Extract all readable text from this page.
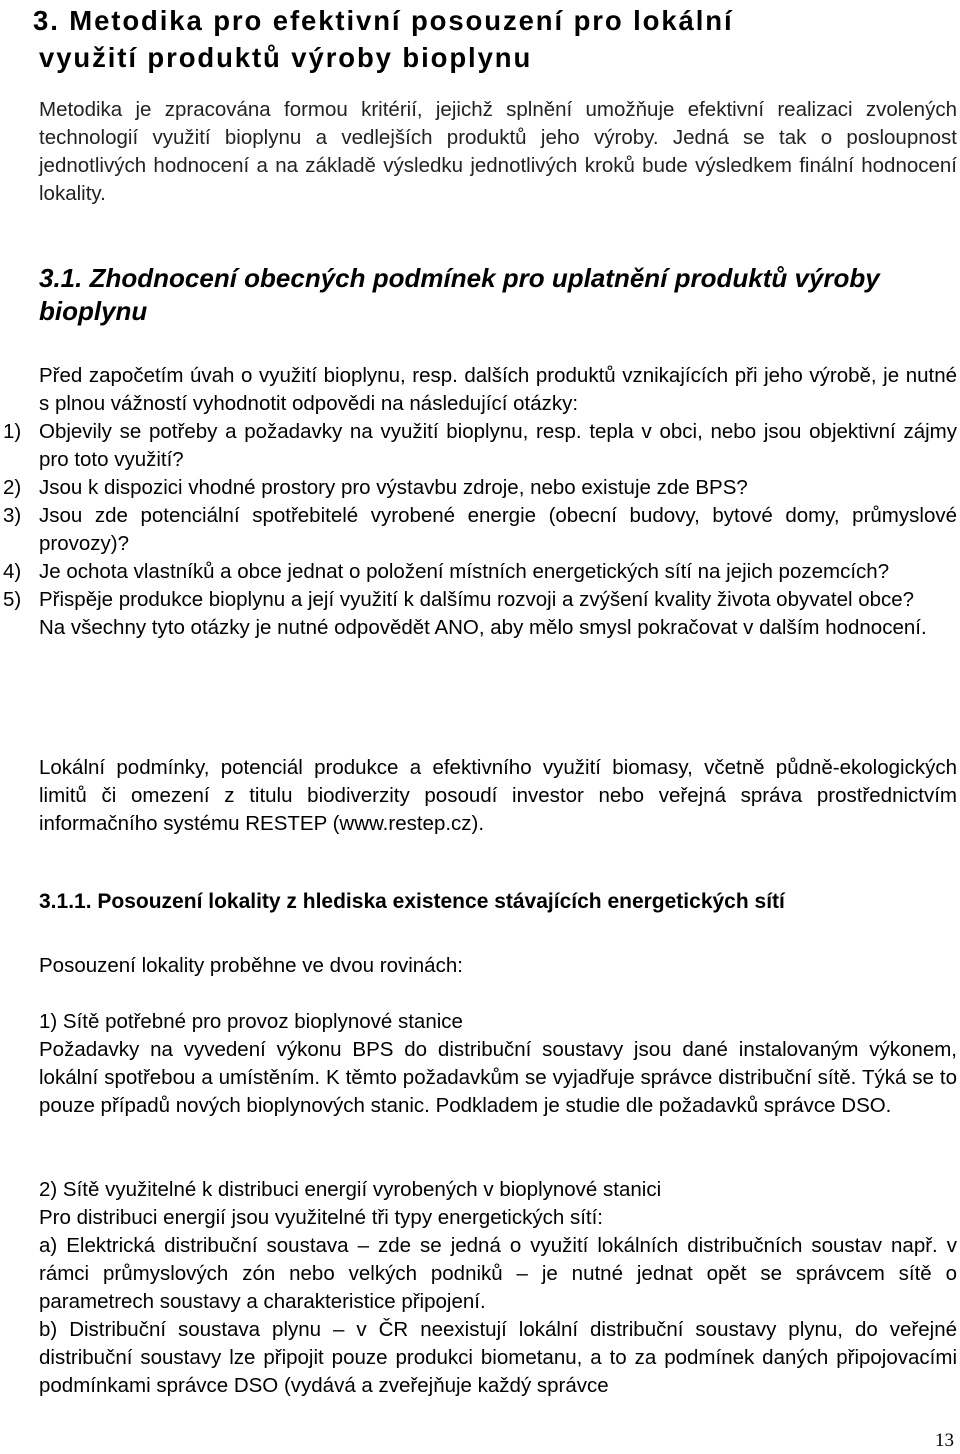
3. Metodika pro efektivní posouzení pro lokální
využití produktů výroby bioplynu

Metodika je zpracována formou kritérií, jejichž splnění umožňuje efektivní realizaci zvolených technologií využití bioplynu a vedlejších produktů jeho výroby. Jedná se tak o posloupnost jednotlivých hodnocení a na základě výsledku jednotlivých kroků bude výsledkem finální hodnocení lokality.

3.1. Zhodnocení obecných podmínek pro uplatnění produktů výroby bioplynu

Před započetím úvah o využití bioplynu, resp. dalších produktů vznikajících při jeho výrobě, je nutné s plnou vážností vyhodnotit odpovědi na následující otázky:

1) Objevily se potřeby a požadavky na využití bioplynu, resp. tepla v obci, nebo jsou objektivní zájmy pro toto využití?
2) Jsou k dispozici vhodné prostory pro výstavbu zdroje, nebo existuje zde BPS?
3) Jsou zde potenciální spotřebitelé vyrobené energie (obecní budovy, bytové domy, průmyslové provozy)?
4) Je ochota vlastníků a obce jednat o položení místních energetických sítí na jejich pozemcích?
5) Přispěje produkce bioplynu a její využití k dalšímu rozvoji a zvýšení kvality života obyvatel obce?
Na všechny tyto otázky je nutné odpovědět ANO, aby mělo smysl pokračovat v dalším hodnocení.

Lokální podmínky, potenciál produkce a efektivního využití biomasy, včetně půdně-ekologických limitů či omezení z titulu biodiverzity posoudí investor nebo veřejná správa prostřednictvím informačního systému RESTEP (www.restep.cz).

3.1.1. Posouzení lokality z hlediska existence stávajících energetických sítí

Posouzení lokality proběhne ve dvou rovinách:

1) Sítě potřebné pro provoz bioplynové stanice

Požadavky na vyvedení výkonu BPS do distribuční soustavy jsou dané instalovaným výkonem, lokální spotřebou a umístěním. K těmto požadavkům se vyjadřuje správce distribuční sítě. Týká se to pouze případů nových bioplynových stanic. Podkladem je studie dle požadavků správce DSO.

2) Sítě využitelné k distribuci energií vyrobených v bioplynové stanici

Pro distribuci energií jsou využitelné tři typy energetických sítí:

a) Elektrická distribuční soustava – zde se jedná o využití lokálních distribučních soustav např. v rámci průmyslových zón nebo velkých podniků – je nutné jednat opět se správcem sítě o parametrech soustavy a charakteristice připojení.

b) Distribuční soustava plynu – v ČR neexistují lokální distribuční soustavy plynu, do veřejné distribuční soustavy lze připojit pouze produkci biometanu, a to za podmínek daných připojovacími podmínkami správce DSO (vydává a zveřejňuje každý správce

13
